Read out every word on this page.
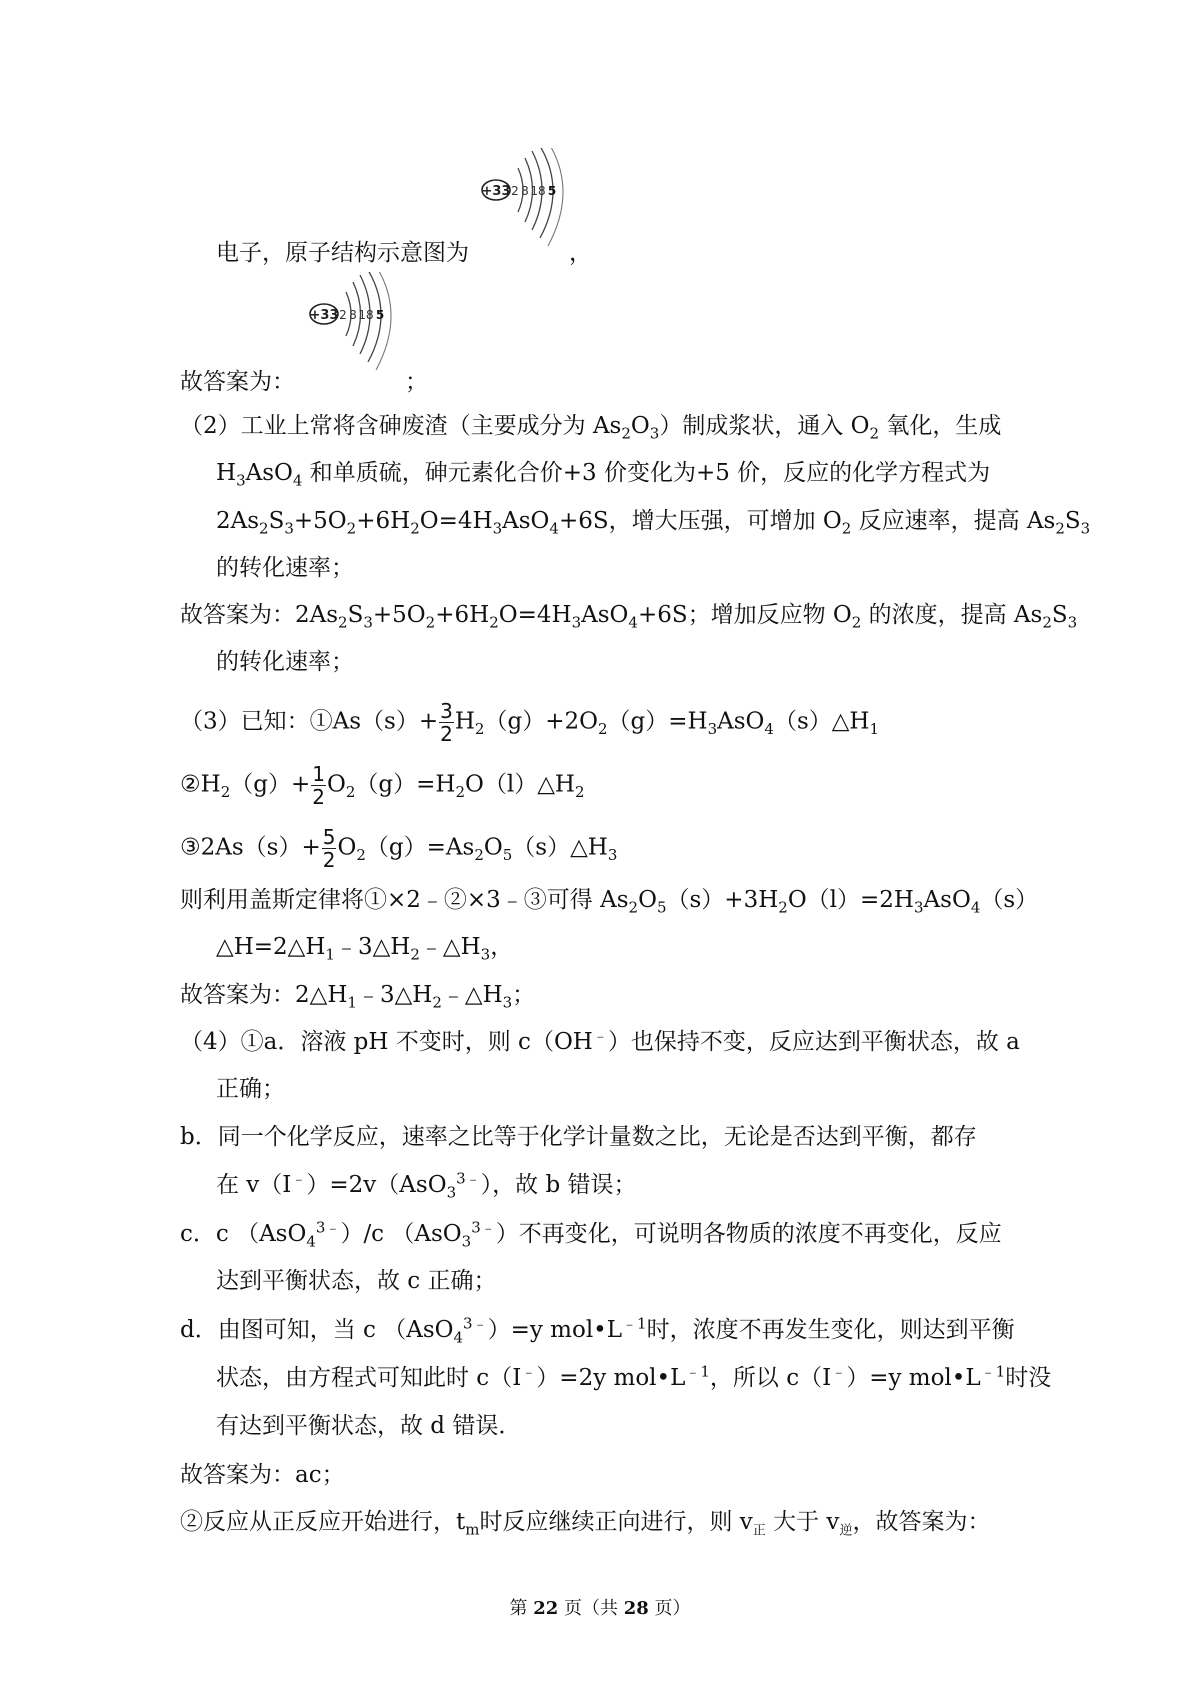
+33 2 8 18 5
电子，原子结构示意图为	，
+33 2 8 18 5
故答案为：	；
（2）工业上常将含砷废渣（主要成分为 $As_2O_3$）制成浆状，通入 $O_2$ 氧化，生成
$H_3AsO_4$ 和单质硫，砷元素化合价+3 价变化为+5 价，反应的化学方程式为
$2As_2S_3+5O_2+6H_2O=4H_3AsO_4+6S$，增大压强，可增加 $O_2$ 反应速率，提高 $As_2S_3$
的转化速率；
故答案为：$2As_2S_3+5O_2+6H_2O=4H_3AsO_4+6S$；增加反应物 $O_2$ 的浓度，提高 $As_2S_3$
的转化速率；
（3）已知：①As（s）+ $\frac{3}{2}$ $H_2(g)+2O_2(g)=H_3AsO_4(s)\triangle H_1$
$②H_2(g)+ \frac{1}{2}$ $O_2(g)=H_2O(l)\triangle H_2$
③2As（s）+ $\frac{5}{2}$ $O_2(g)=As_2O_5(s)\triangle H_3$
则利用盖斯定律将①×2﹣②×3﹣③可得 $As_2O_5(s)+3H_2O(l)=2H_3AsO_4(s)$
$\triangle H=2\triangle H_1﹣3\triangle H_2﹣\triangle H_3$，
故答案为：$2\triangle H_1﹣3\triangle H_2﹣\triangle H_3$；
（4）①a．溶液 pH 不变时，则 c（OH﹣）也保持不变，反应达到平衡状态，故 a
正确；
b．同一个化学反应，速率之比等于化学计量数之比，无论是否达到平衡，都存
在 v（I﹣）=2v（AsO$_3^{3﹣}$），故 b 错误；
c．c （AsO$_4^{3﹣}$）/c （AsO$_3^{3﹣}$）不再变化，可说明各物质的浓度不再变化，反应
达到平衡状态，故 c 正确；
d．由图可知，当 c （AsO$_4^{3﹣}$）=y $mol•L^{﹣1}$时，浓度不再发生变化，则达到平衡
状态，由方程式可知此时 c（I﹣）=2y $mol•L^{﹣1}$，所以 c（I﹣）=y $mol•L^{﹣1}$时没
有达到平衡状态，故 d 错误．
故答案为：ac；
②反应从正反应开始进行，$t_m$时反应继续正向进行，则 $v_正$ 大于 $v_逆$，故答案为：
第 22 页（共 28 页）
